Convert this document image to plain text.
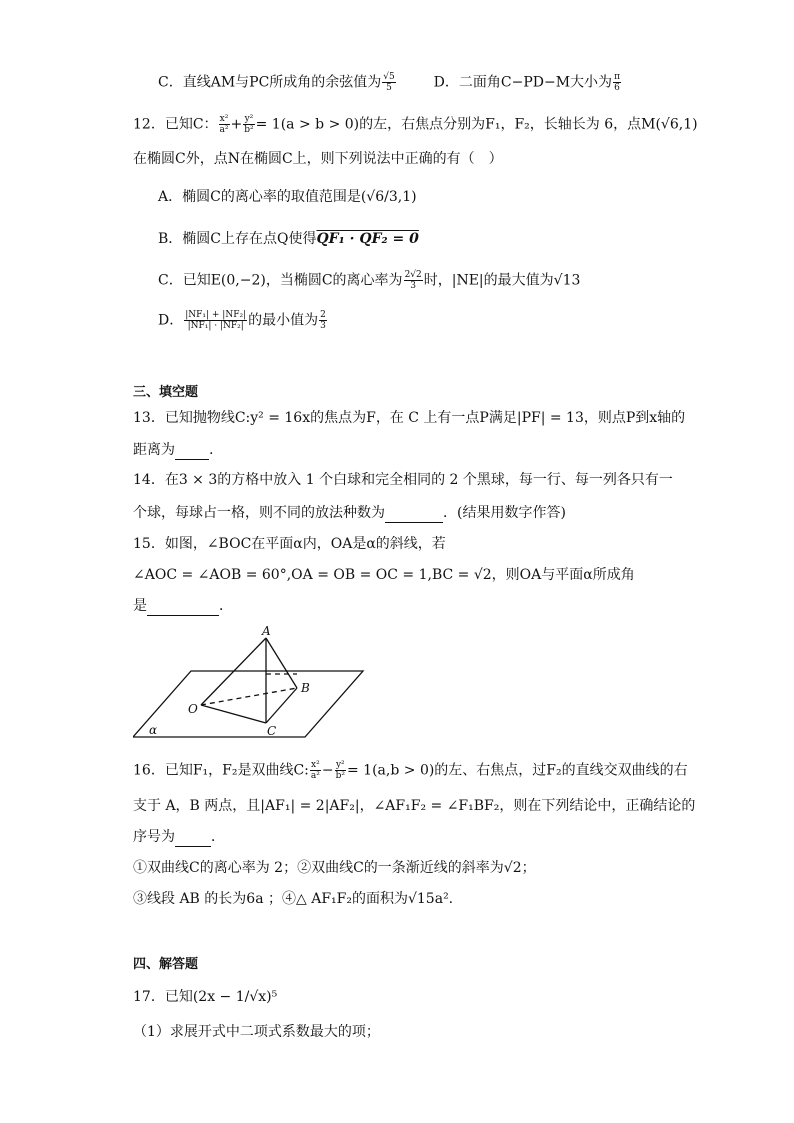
C．直线AM与PC所成角的余弦值为 $\frac{√5}{5}$	D．二面角C−PD−M大小为 $\frac{\pi}{6}$
12．已知C： $\frac{\text{x²}}{\text{a²}} + \frac{\text{y²}}{\text{b²}} = 1(a > b > 0)$的左，右焦点分别为F₁，F₂，长轴长为 6，点M(√6,1)
在椭圆C外，点N在椭圆C上，则下列说法中正确的有（　）
A．椭圆C的离心率的取值范围是(√6/3,1)
B．椭圆C上存在点Q使得QF₁ · QF₂ = 0
C．已知E(0,−2)，当椭圆C的离心率为 $\frac{2√2}{3}$ 时，|NE|的最大值为√13
D． $\frac{\text{|NF₁| + |NF₂|}}{\text{|NF₁| · |NF₂|}}$ 的最小值为 $\frac{2}{3}$
三、填空题
13．已知抛物线C:y² = 16x的焦点为F，在 C 上有一点P满足|PF| = 13，则点P到x轴的
距离为 .
14．在3 × 3的方格中放入 1 个白球和完全相同的 2 个黑球，每一行、每一列各只有一
个球，每球占一格，则不同的放法种数为	．(结果用数字作答)
15．如图，∠BOC在平面α内，OA是α的斜线，若
∠AOC = ∠AOB = 60°,OA = OB = OC = 1,BC = √2，则OA与平面α所成角
是	．
A
B
O
C
α
16．已知F₁，F₂是双曲线C: $\frac{\text{x²}}{\text{a²}} - \frac{\text{y²}}{\text{b²}} = 1(a,b > 0)$的左、右焦点，过F₂的直线交双曲线的右
支于 A，B 两点，且|AF₁| = 2|AF₂|，∠AF₁F₂ = ∠F₁BF₂，则在下列结论中，正确结论的
序号为	．
①双曲线C的离心率为 2；②双曲线C的一条渐近线的斜率为√2；
③线段 AB 的长为6a ；④△ AF₁F₂的面积为√15a².
四、解答题
17．已知(2x − 1/√x)⁵
（1）求展开式中二项式系数最大的项；
